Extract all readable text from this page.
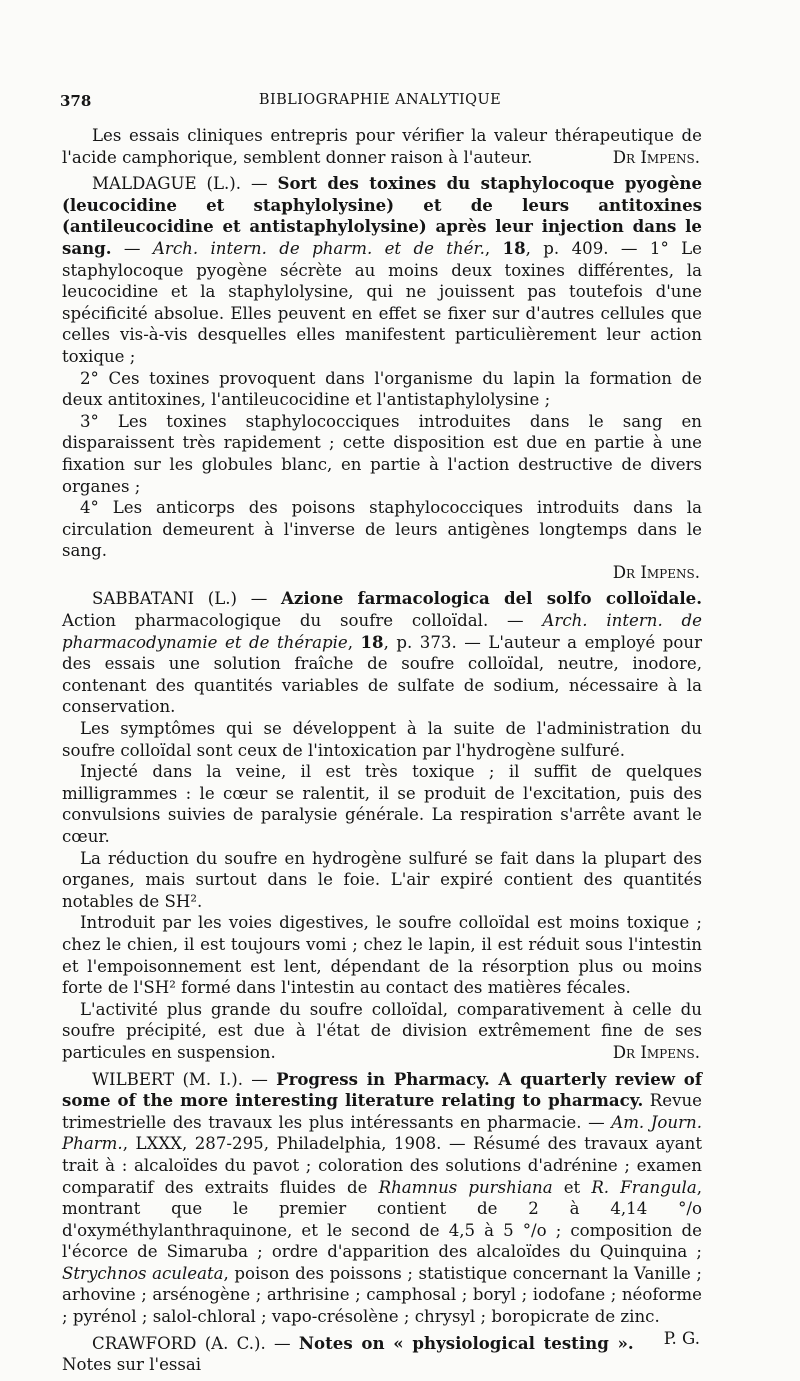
378	BIBLIOGRAPHIE ANALYTIQUE

Les essais cliniques entrepris pour vérifier la valeur thérapeutique de l'acide camphorique, semblent donner raison à l'auteur.	Dr Impens.

MALDAGUE (L.). — Sort des toxines du staphylocoque pyogène (leucocidine et staphylolysine) et de leurs antitoxines (antileucocidine et antistaphylolysine) après leur injection dans le sang. — Arch. intern. de pharm. et de thér., 18, p. 409. — 1° Le staphylocoque pyogène sécrète au moins deux toxines différentes, la leucocidine et la staphylolysine, qui ne jouissent pas toutefois d'une spécificité absolue. Elles peuvent en effet se fixer sur d'autres cellules que celles vis-à-vis desquelles elles manifestent particulièrement leur action toxique ;

2° Ces toxines provoquent dans l'organisme du lapin la formation de deux antitoxines, l'antileucocidine et l'antistaphylolysine ;

3° Les toxines staphylococciques introduites dans le sang en disparaissent très rapidement ; cette disposition est due en partie à une fixation sur les globules blanc, en partie à l'action destructive de divers organes ;

4° Les anticorps des poisons staphylococciques introduits dans la circulation demeurent à l'inverse de leurs antigènes longtemps dans le sang.

Dr Impens.

SABBATANI (L.) — Azione farmacologica del solfo colloïdale. Action pharmacologique du soufre colloïdal. — Arch. intern. de pharmacodynamie et de thérapie, 18, p. 373. — L'auteur a employé pour des essais une solution fraîche de soufre colloïdal, neutre, inodore, contenant des quantités variables de sulfate de sodium, nécessaire à la conservation.

Les symptômes qui se développent à la suite de l'administration du soufre colloïdal sont ceux de l'intoxication par l'hydrogène sulfuré.

Injecté dans la veine, il est très toxique ; il suffit de quelques milligrammes : le cœur se ralentit, il se produit de l'excitation, puis des convulsions suivies de paralysie générale. La respiration s'arrête avant le cœur.

La réduction du soufre en hydrogène sulfuré se fait dans la plupart des organes, mais surtout dans le foie. L'air expiré contient des quantités notables de SH².

Introduit par les voies digestives, le soufre colloïdal est moins toxique ; chez le chien, il est toujours vomi ; chez le lapin, il est réduit sous l'intestin et l'empoisonnement est lent, dépendant de la résorption plus ou moins forte de l'SH² formé dans l'intestin au contact des matières fécales.

L'activité plus grande du soufre colloïdal, comparativement à celle du soufre précipité, est due à l'état de division extrêmement fine de ses particules en suspension.	Dr Impens.

WILBERT (M. I.). — Progress in Pharmacy. A quarterly review of some of the more interesting literature relating to pharmacy. Revue trimestrielle des travaux les plus intéressants en pharmacie. — Am. Journ. Pharm., LXXX, 287-295, Philadelphia, 1908. — Résumé des travaux ayant trait à : alcaloïdes du pavot ; coloration des solutions d'adrénine ; examen comparatif des extraits fluides de Rhamnus purshiana et R. Frangula, montrant que le premier contient de 2 à 4,14 °/o d'oxyméthylanthraquinone, et le second de 4,5 à 5 °/o ; composition de l'écorce de Simaruba ; ordre d'apparition des alcaloïdes du Quinquina ; Strychnos aculeata, poison des poissons ; statistique concernant la Vanille ; arhovine ; arsénogène ; arthrisine ; camphosal ; boryl ; iodofane ; néoforme ; pyrénol ; salol-chloral ; vapo-crésolène ; chrysyl ; boropicrate de zinc.
P. G.

CRAWFORD (A. C.). — Notes on « physiological testing ». Notes sur l'essai
